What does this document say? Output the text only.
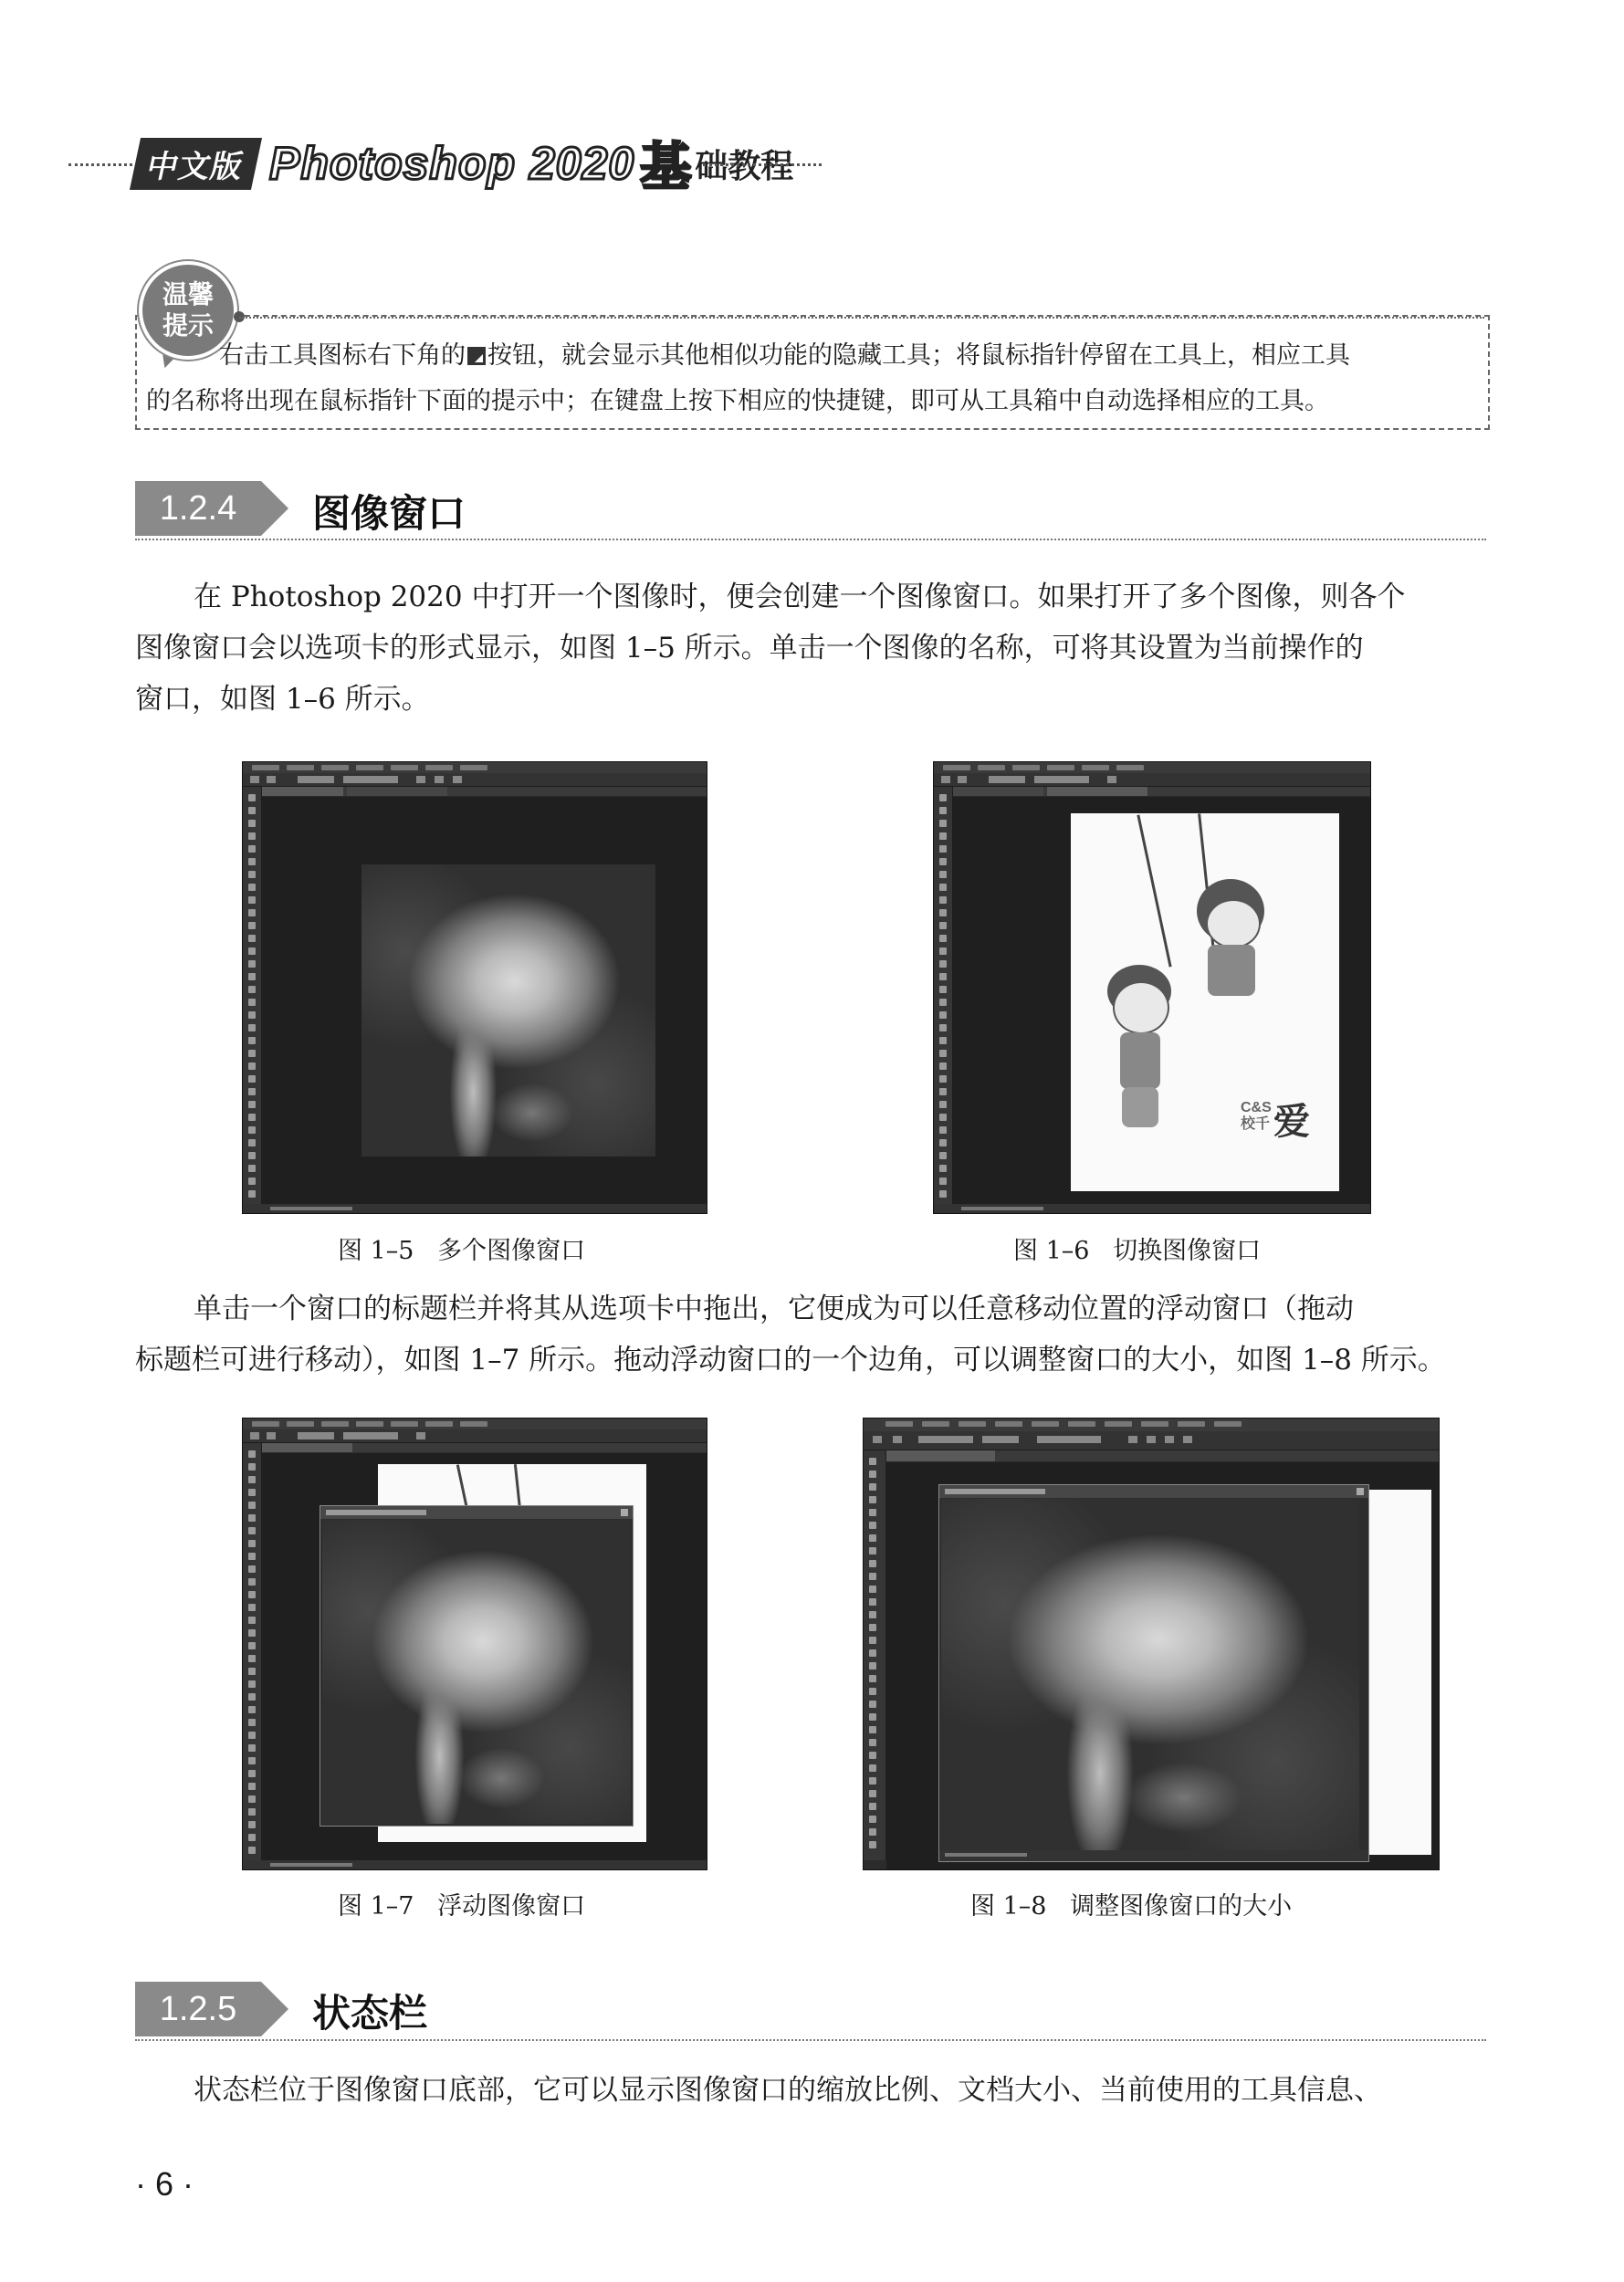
中文版 Photoshop 2020 基 础教程
温馨
提示
右击工具图标右下角的 按钮，就会显示其他相似功能的隐藏工具；将鼠标指针停留在工具上，相应工具
的名称将出现在鼠标指针下面的提示中；在键盘上按下相应的快捷键，即可从工具箱中自动选择相应的工具。
1.2.4	图像窗口
在 Photoshop 2020 中打开一个图像时，便会创建一个图像窗口。如果打开了多个图像，则各个
图像窗口会以选项卡的形式显示，如图 1–5 所示。单击一个图像的名称，可将其设置为当前操作的
窗口，如图 1–6 所示。
图 1–5   多个图像窗口
C&S 校千 爱
图 1–6   切换图像窗口
单击一个窗口的标题栏并将其从选项卡中拖出，它便成为可以任意移动位置的浮动窗口（拖动
标题栏可进行移动），如图 1–7 所示。拖动浮动窗口的一个边角，可以调整窗口的大小，如图 1–8 所示。
图 1–7   浮动图像窗口	图 1–8   调整图像窗口的大小
1.2.5	状态栏
状态栏位于图像窗口底部，它可以显示图像窗口的缩放比例、文档大小、当前使用的工具信息、
· 6 ·
